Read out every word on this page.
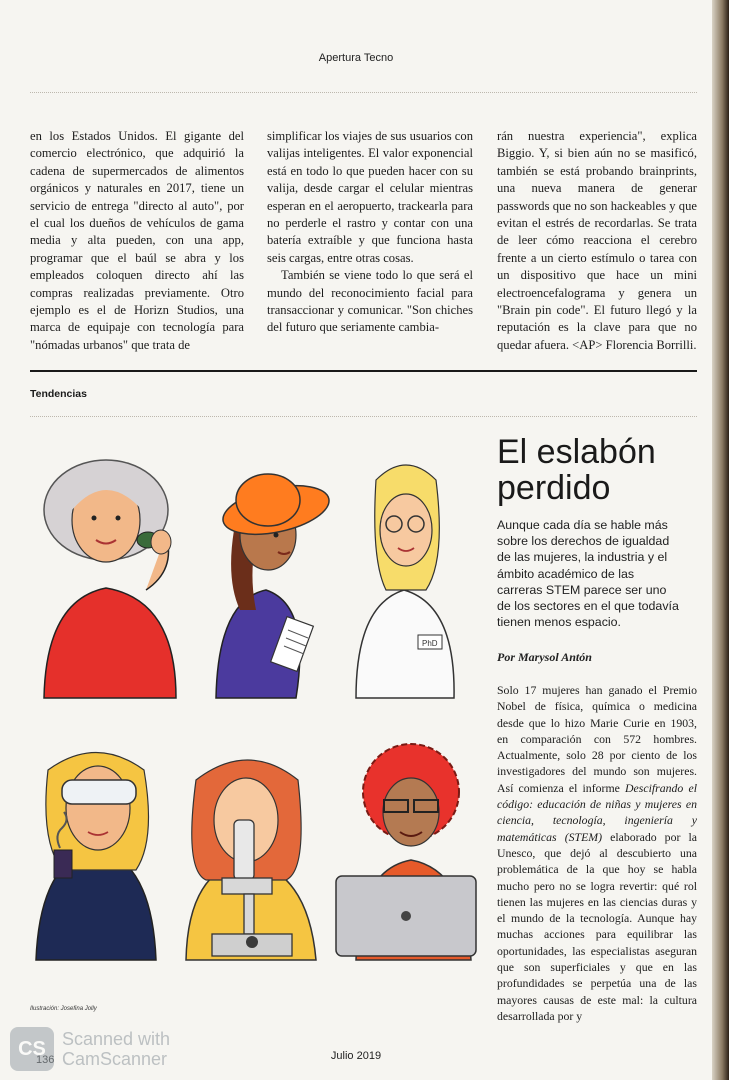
Apertura Tecno

en los Estados Unidos. El gigante del comercio electrónico, que adquirió la cadena de supermercados de alimentos orgánicos y naturales en 2017, tiene un servicio de entrega "directo al auto", por el cual los dueños de vehículos de gama media y alta pueden, con una app, programar que el baúl se abra y los empleados coloquen directo ahí las compras realizadas previamente. Otro ejemplo es el de Horizn Studios, una marca de equipaje con tecnología para "nómadas urbanos" que trata de

simplificar los viajes de sus usuarios con valijas inteligentes. El valor exponencial está en todo lo que pueden hacer con su valija, desde cargar el celular mientras esperan en el aeropuerto, trackearla para no perderle el rastro y contar con una batería extraíble y que funciona hasta seis cargas, entre otras cosas.

También se viene todo lo que será el mundo del reconocimiento facial para transaccionar y comunicar. "Son chiches del futuro que seriamente cambia-

rán nuestra experiencia", explica Biggio. Y, si bien aún no se masificó, también se está probando brainprints, una nueva manera de generar passwords que no son hackeables y que evitan el estrés de recordarlas. Se trata de leer cómo reacciona el cerebro frente a un cierto estímulo o tarea con un dispositivo que hace un mini electroencefalograma y genera un "Brain pin code". El futuro llegó y la reputación es la clave para que no quedar afuera. <AP> Florencia Borrilli.

Tendencias
PhD
El eslabón perdido
Aunque cada día se hable más sobre los derechos de igualdad de las mujeres, la industria y el ámbito académico de las carreras STEM parece ser uno de los sectores en el que todavía tienen menos espacio.
Por Marysol Antón
Solo 17 mujeres han ganado el Premio Nobel de física, química o medicina desde que lo hizo Marie Curie en 1903, en comparación con 572 hombres. Actualmente, solo 28 por ciento de los investigadores del mundo son mujeres. Así comienza el informe Descifrando el código: educación de niñas y mujeres en ciencia, tecnología, ingeniería y matemáticas (STEM) elaborado por la Unesco, que dejó al descubierto una problemática de la que hoy se habla mucho pero no se logra revertir: qué rol tienen las mujeres en las ciencias duras y el mundo de la tecnología. Aunque hay muchas acciones para equilibrar las oportunidades, las especialistas aseguran que son superficiales y que en las profundidades se perpetúa una de las mayores causas de este mal: la cultura desarrollada por y
Ilustración: Josefina Jolly
Julio 2019
CS Scanned with
CamScanner
